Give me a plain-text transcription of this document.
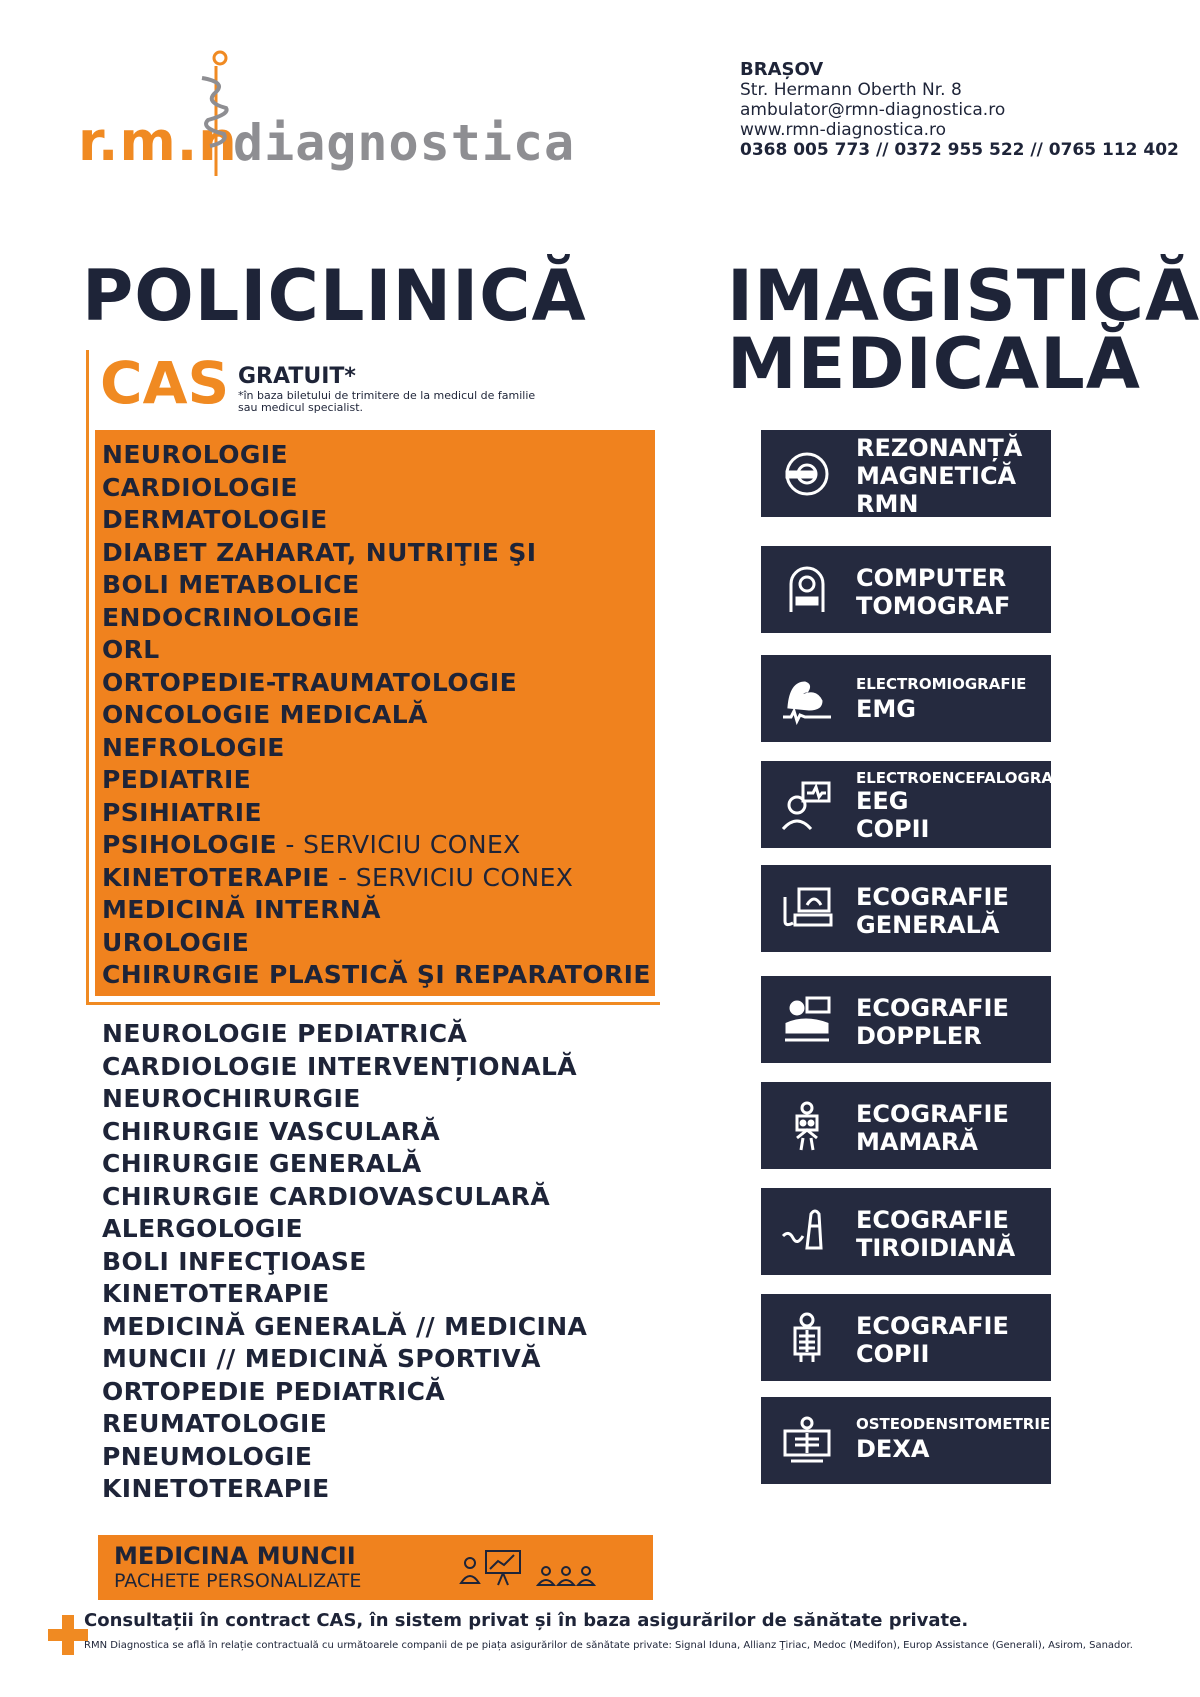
r.m.n
diagnostica
BRAȘOV
Str. Hermann Oberth Nr. 8
ambulator@rmn-diagnostica.ro
www.rmn-diagnostica.ro
0368 005 773 // 0372 955 522 // 0765 112 402
POLICLINICĂ IMAGISTICĂ
MEDICALĂ
CAS GRATUIT*
*în baza biletului de trimitere de la medicul de familie sau medicul specialist.
NEUROLOGIE
CARDIOLOGIE
DERMATOLOGIE
DIABET ZAHARAT, NUTRIŢIE ŞI
BOLI METABOLICE
ENDOCRINOLOGIE
ORL
ORTOPEDIE-TRAUMATOLOGIE
ONCOLOGIE MEDICALĂ
NEFROLOGIE
PEDIATRIE
PSIHIATRIE
PSIHOLOGIE - SERVICIU CONEX
KINETOTERAPIE - SERVICIU CONEX
MEDICINĂ INTERNĂ
UROLOGIE
CHIRURGIE PLASTICĂ ŞI REPARATORIE
NEUROLOGIE PEDIATRICĂ
CARDIOLOGIE INTERVENȚIONALĂ
NEUROCHIRURGIE
CHIRURGIE VASCULARĂ
CHIRURGIE GENERALĂ
CHIRURGIE CARDIOVASCULARĂ
ALERGOLOGIE
BOLI INFECŢIOASE
KINETOTERAPIE
MEDICINĂ GENERALĂ // MEDICINA
MUNCII // MEDICINĂ SPORTIVĂ
ORTOPEDIE PEDIATRICĂ
REUMATOLOGIE
PNEUMOLOGIE
KINETOTERAPIE
MEDICINA MUNCII
PACHETE PERSONALIZATE
Consultații în contract CAS, în sistem privat și în baza asigurărilor de sănătate private.
RMN Diagnostica se află în relație contractuală cu următoarele companii de pe piața asigurărilor de sănătate private: Signal Iduna, Allianz Ţiriac, Medoc (Medifon), Europ Assistance (Generali), Asirom, Sanador.
REZONANȚĂ
MAGNETICĂ
RMN
COMPUTER
TOMOGRAF
ELECTROMIOGRAFIE
EMG
ELECTROENCEFALOGRAMĂ
EEG
COPII
ECOGRAFIE
GENERALĂ
ECOGRAFIE
DOPPLER
ECOGRAFIE
MAMARĂ
ECOGRAFIE
TIROIDIANĂ
ECOGRAFIE
COPII
OSTEODENSITOMETRIE
DEXA
